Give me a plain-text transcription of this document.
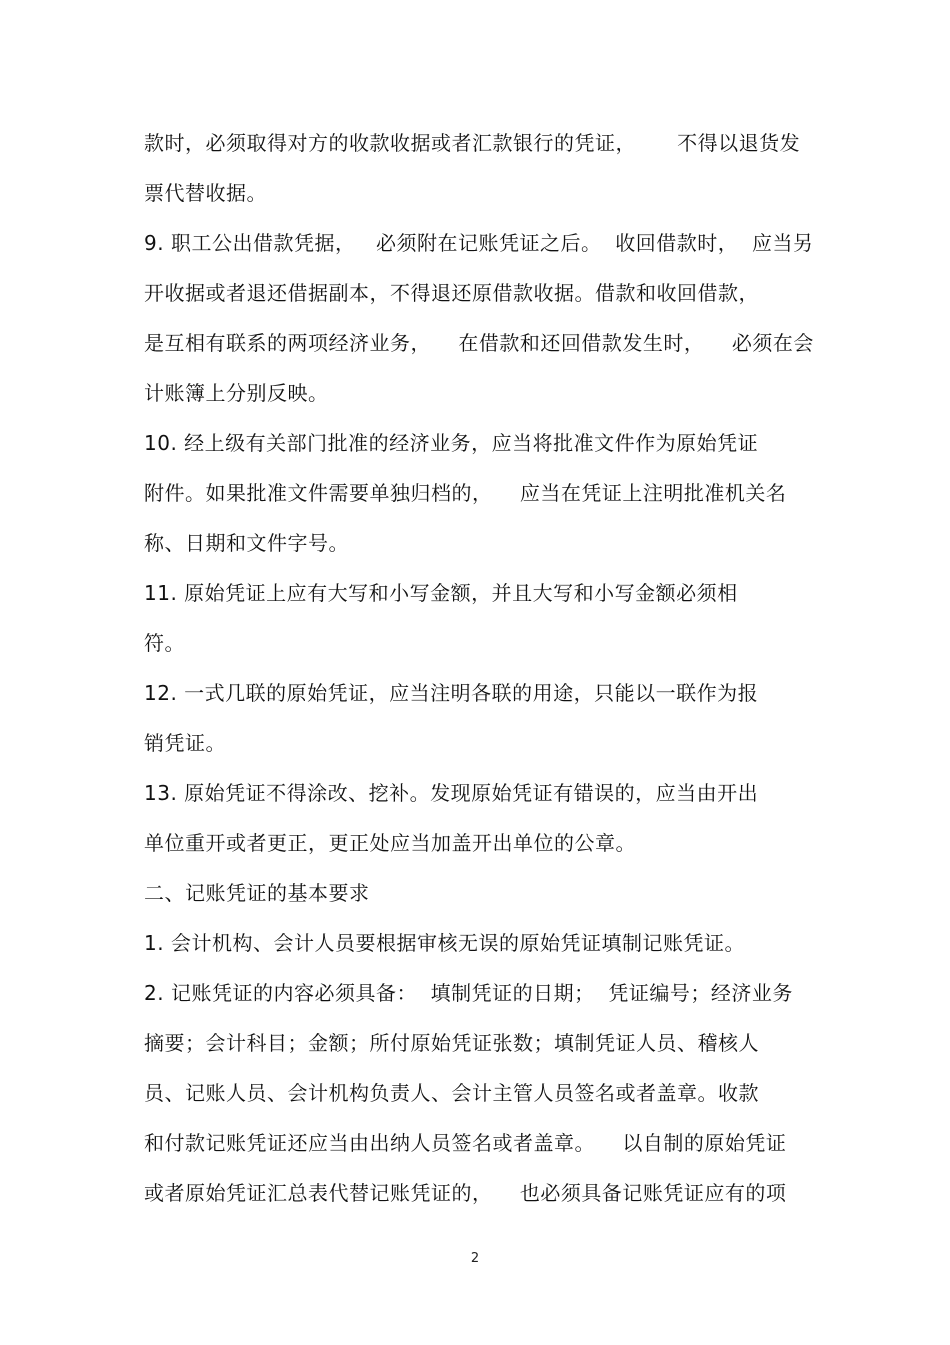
款时，必须取得对方的收款收据或者汇款银行的凭证，      不得以退货发
票代替收据。
9. 职工公出借款凭据，   必须附在记账凭证之后。  收回借款时，  应当另
开收据或者退还借据副本，不得退还原借款收据。借款和收回借款，
是互相有联系的两项经济业务，    在借款和还回借款发生时，    必须在会
计账簿上分别反映。
10. 经上级有关部门批准的经济业务，应当将批准文件作为原始凭证
附件。如果批准文件需要单独归档的，    应当在凭证上注明批准机关名
称、日期和文件字号。
11. 原始凭证上应有大写和小写金额，并且大写和小写金额必须相
符。
12. 一式几联的原始凭证，应当注明各联的用途，只能以一联作为报
销凭证。
13. 原始凭证不得涂改、挖补。发现原始凭证有错误的，应当由开出
单位重开或者更正，更正处应当加盖开出单位的公章。
二、记账凭证的基本要求
1. 会计机构、会计人员要根据审核无误的原始凭证填制记账凭证。
2. 记账凭证的内容必须具备：  填制凭证的日期；  凭证编号；经济业务
摘要；会计科目；金额；所付原始凭证张数；填制凭证人员、稽核人
员、记账人员、会计机构负责人、会计主管人员签名或者盖章。收款
和付款记账凭证还应当由出纳人员签名或者盖章。    以自制的原始凭证
或者原始凭证汇总表代替记账凭证的，    也必须具备记账凭证应有的项
2
